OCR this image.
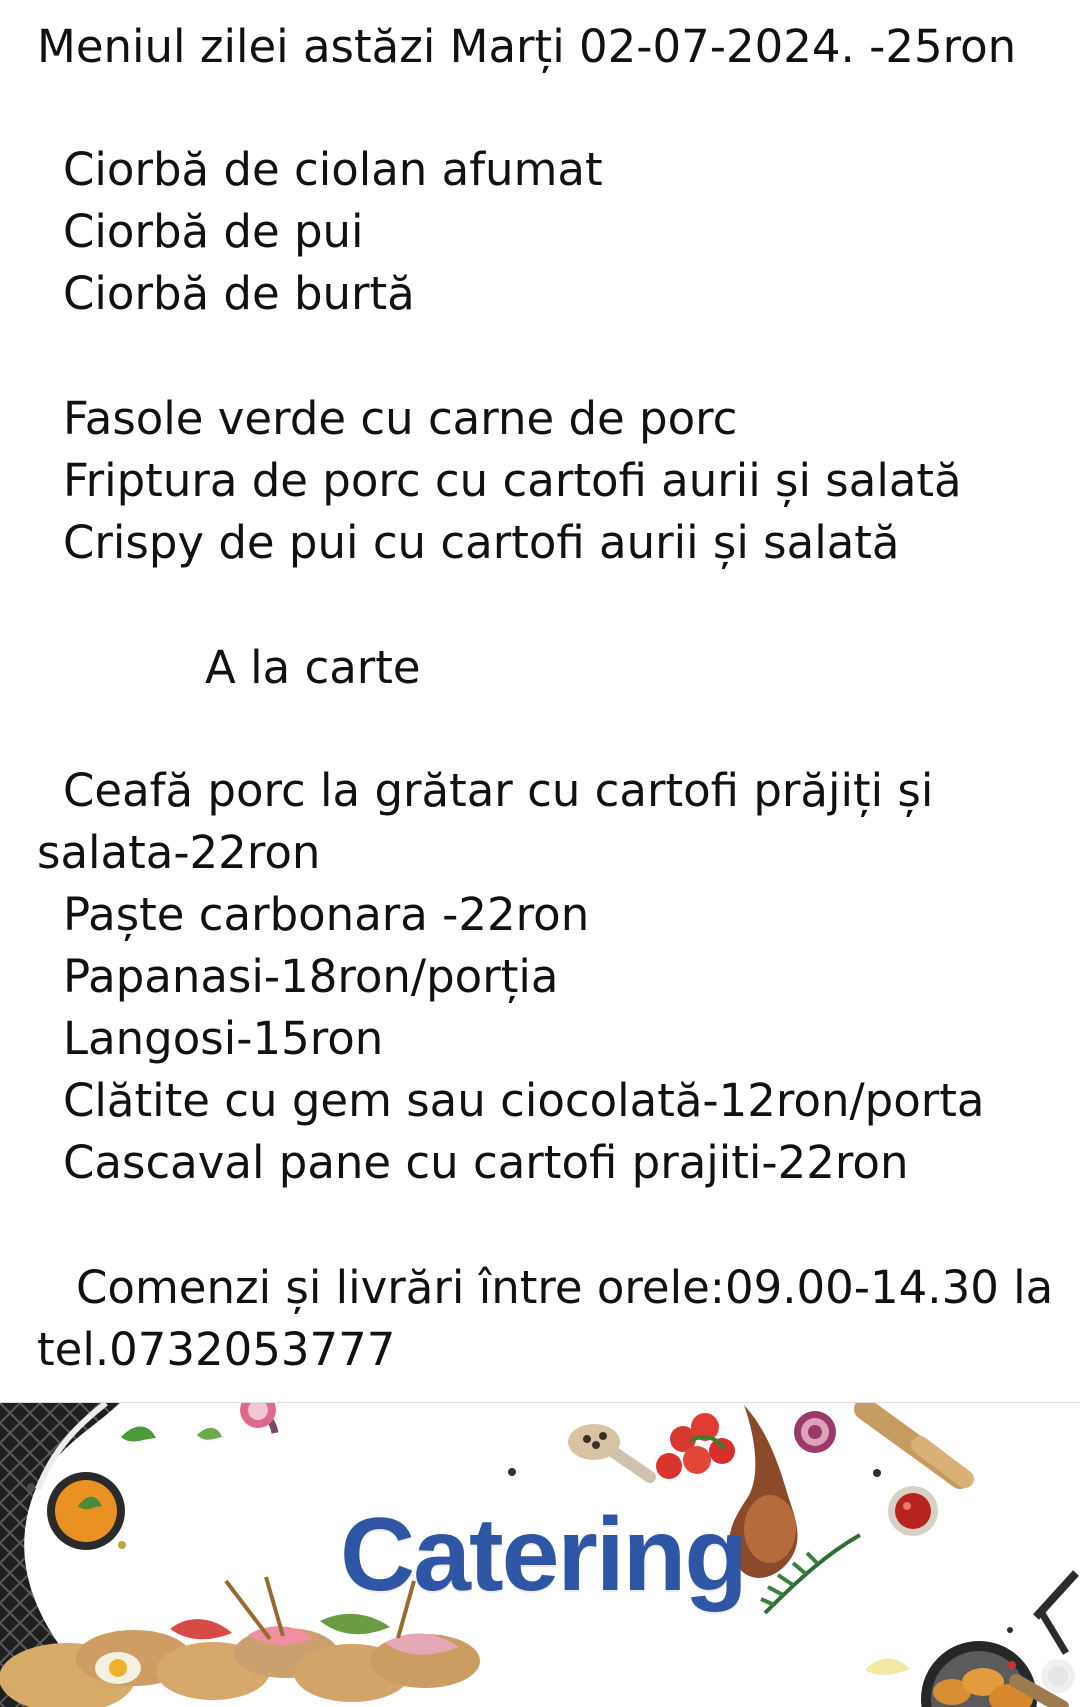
Meniul zilei astăzi Marți 02-07-2024. -25ron
Ciorbă de ciolan afumat
Ciorbă de pui
Ciorbă de burtă
Fasole verde cu carne de porc
Friptura de porc cu cartofi aurii și salată
Crispy de pui cu cartofi aurii și salată
A la carte
Ceafă porc la grătar cu cartofi prăjiți și
salata-22ron
Paște carbonara -22ron
Papanasi-18ron/porția
Langosi-15ron
Clătite cu gem sau ciocolată-12ron/porta
Cascaval pane cu cartofi prajiti-22ron
Comenzi și livrări între orele:09.00-14.30 la
tel.0732053777
Catering
